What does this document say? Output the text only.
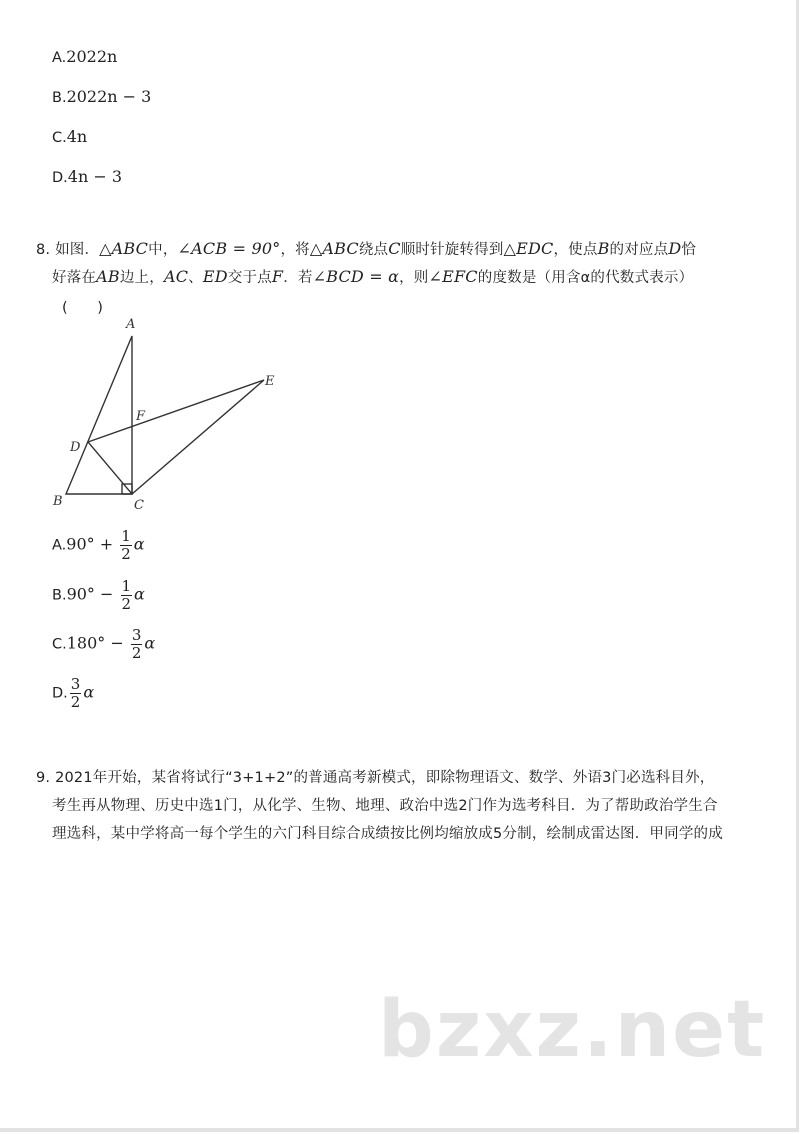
A.2022n
B.2022n − 3
C.4n
D.4n − 3
8. 如图．△ABC中，∠ACB = 90°，将△ABC绕点C顺时针旋转得到△EDC，使点B的对应点D恰
好落在AB边上，AC、ED交于点F．若∠BCD = α，则∠EFC的度数是（用含α的代数式表示）
(　　)
A
B	C
D
E
F
$A.90^\circ + \frac{1}{2}$ α
$B.90^\circ - \frac{1}{2}$ α
$C.180^\circ - \frac{3}{2}$ α
D. $\frac{3}{2}$ α
9. 2021年开始，某省将试行“3+1+2”的普通高考新模式，即除物理语文、数学、外语3门必选科目外，
考生再从物理、历史中选1门，从化学、生物、地理、政治中选2门作为选考科目．为了帮助政治学生合
理选科，某中学将高一每个学生的六门科目综合成绩按比例均缩放成5分制，绘制成雷达图．甲同学的成
bzxz.net
